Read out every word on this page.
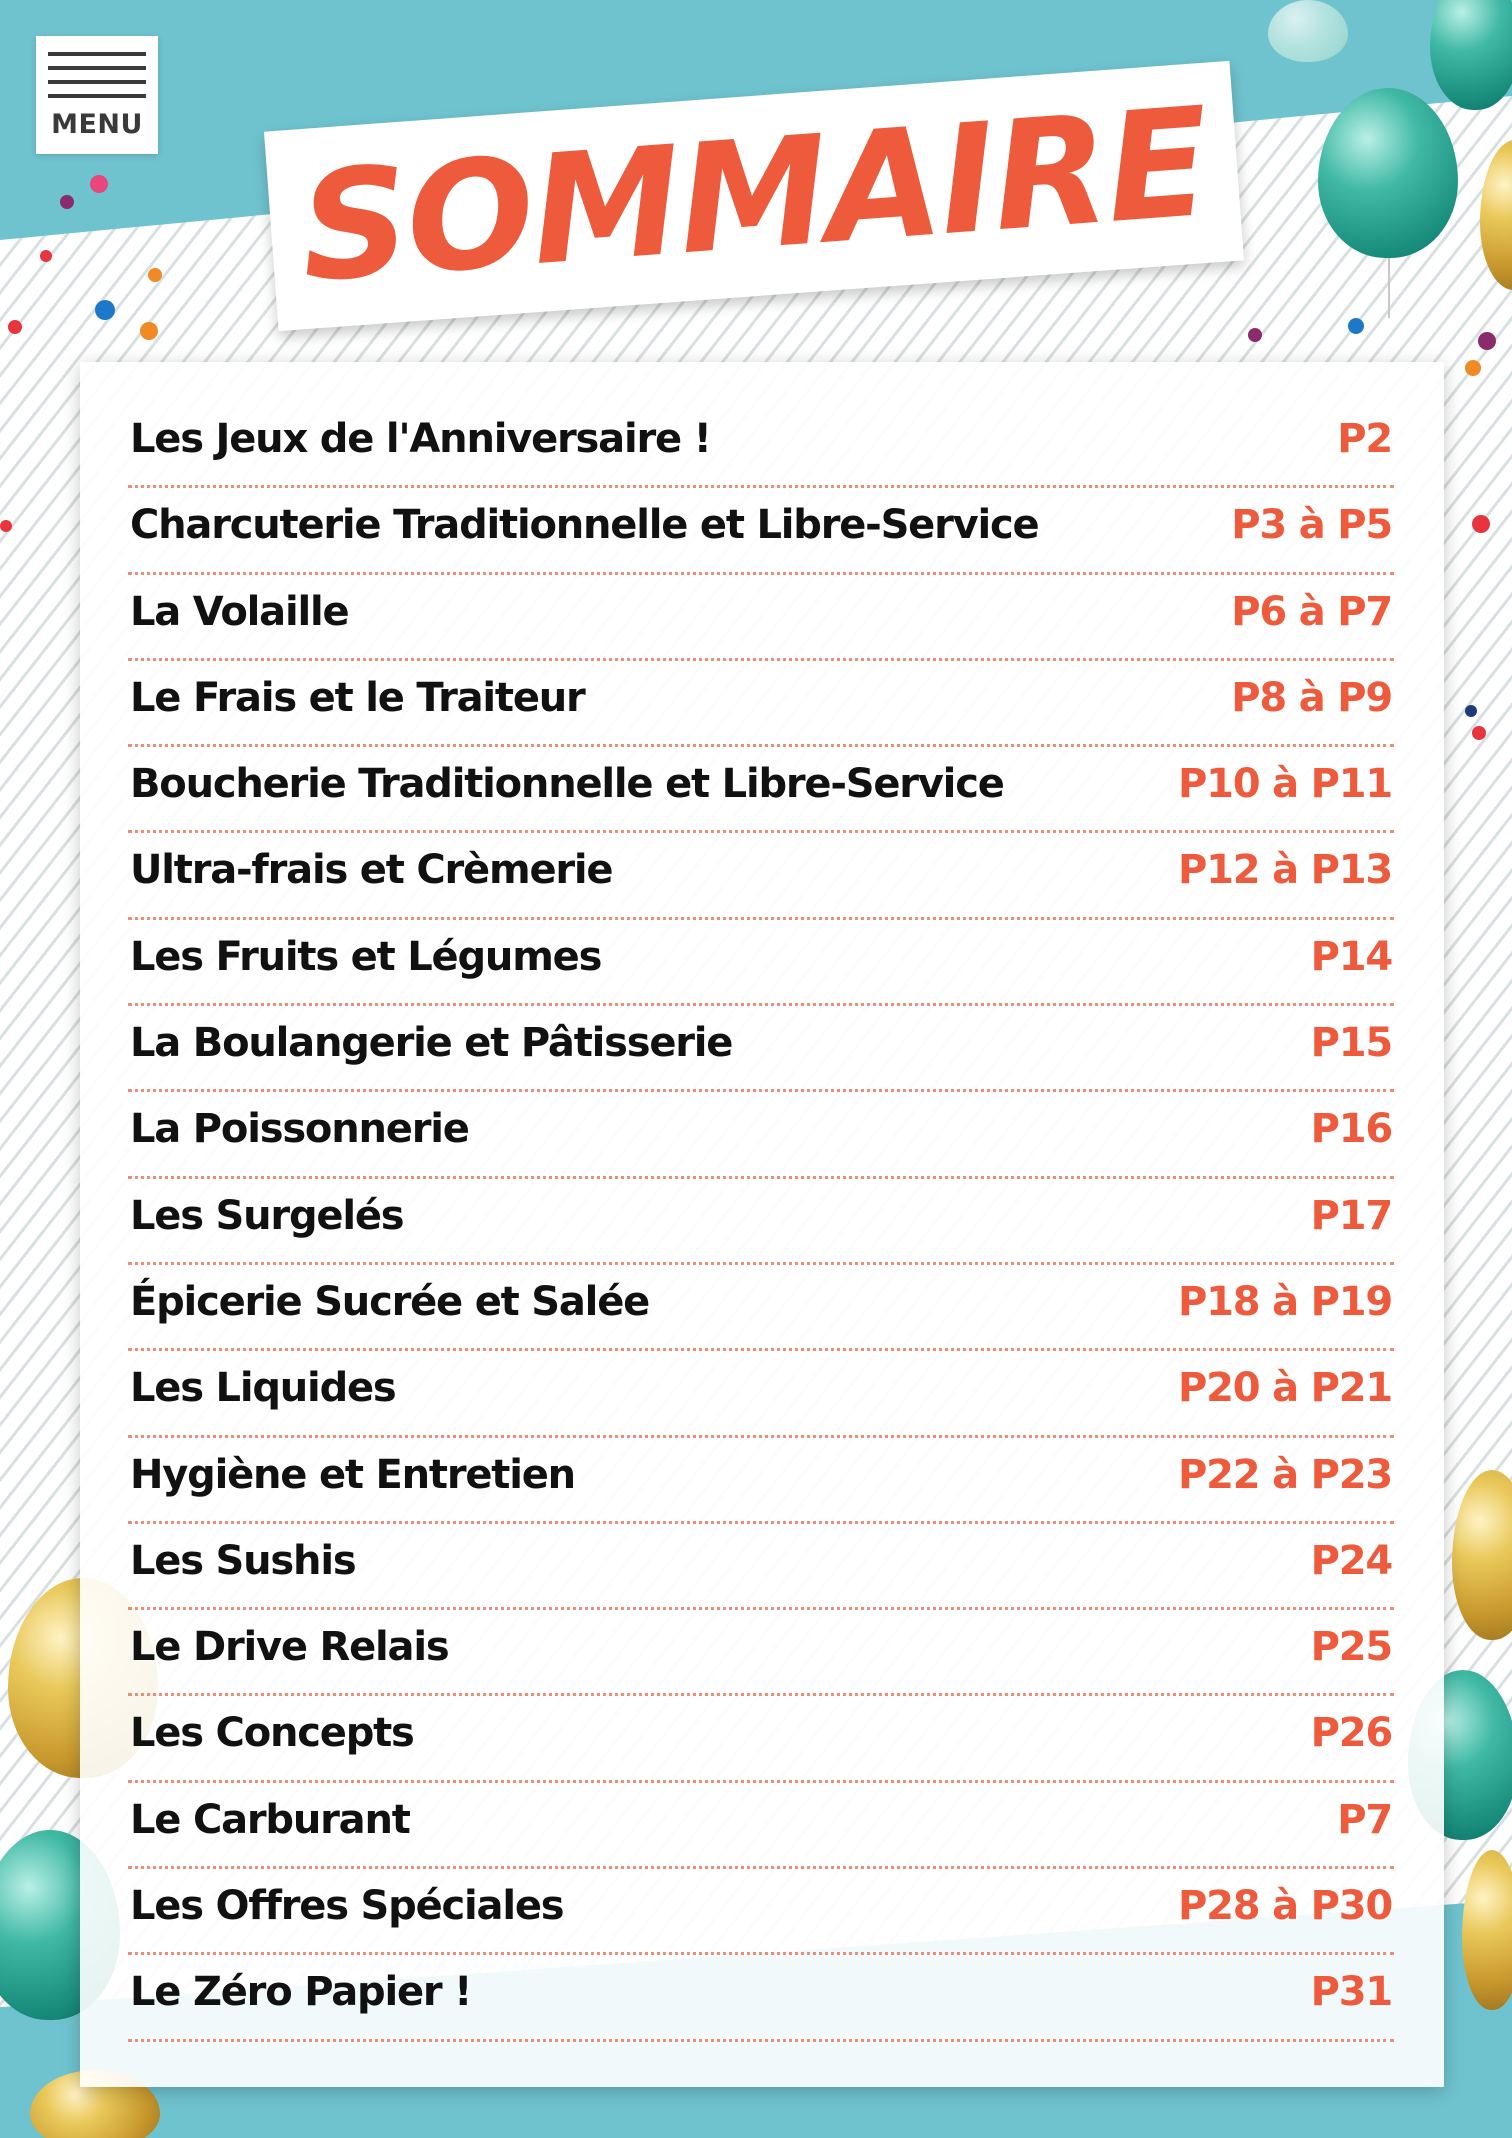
MENU SOMMAIRE
Les Jeux de l'Anniversaire !	P2
Charcuterie Traditionnelle et Libre-Service	P3 à P5
La Volaille	P6 à P7
Le Frais et le Traiteur	P8 à P9
Boucherie Traditionnelle et Libre-Service	P10 à P11
Ultra-frais et Crèmerie	P12 à P13
Les Fruits et Légumes	P14
La Boulangerie et Pâtisserie	P15
La Poissonnerie	P16
Les Surgelés	P17
Épicerie Sucrée et Salée	P18 à P19
Les Liquides	P20 à P21
Hygiène et Entretien	P22 à P23
Les Sushis	P24
Le Drive Relais	P25
Les Concepts	P26
Le Carburant	P7
Les Offres Spéciales	P28 à P30
Le Zéro Papier !	P31
